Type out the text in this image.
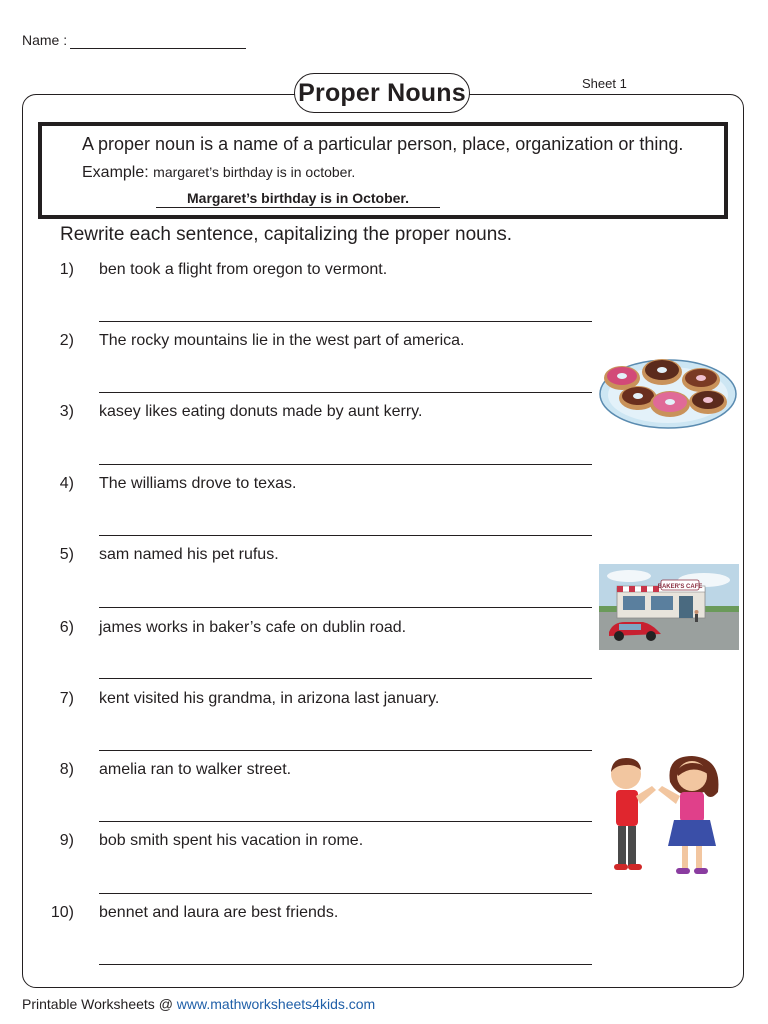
Name :
Sheet 1
Proper Nouns
A proper noun is a name of a particular person, place, organization or thing.
Example: margaret’s birthday is in october.
Margaret’s birthday is in October.
Rewrite each sentence, capitalizing the proper nouns.
1) ben took a flight from oregon to vermont.
2) The rocky mountains lie in the west part of america.
3) kasey likes eating donuts made by aunt kerry.
4) The williams drove to texas.
5) sam named his pet rufus.
6) james works in baker’s cafe on dublin road.
7) kent visited his grandma, in arizona last january.
8) amelia ran to walker street.
9) bob smith spent his vacation in rome.
10) bennet and laura are best friends.
BAKER'S CAFE
Printable Worksheets @ www.mathworksheets4kids.com
